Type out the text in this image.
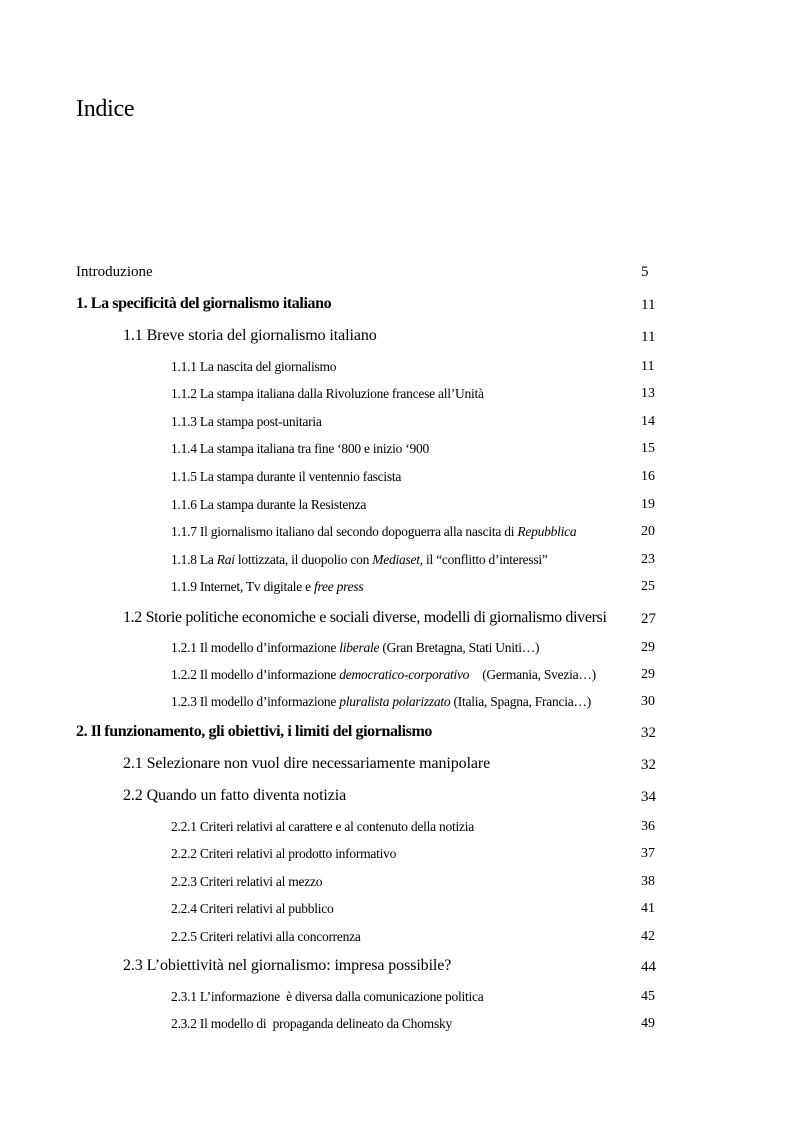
Indice
Introduzione	5
1. La specificità del giornalismo italiano	11
1.1 Breve storia del giornalismo italiano	11
1.1.1 La nascita del giornalismo	11
1.1.2 La stampa italiana dalla Rivoluzione francese all’Unità	13
1.1.3 La stampa post-unitaria	14
1.1.4 La stampa italiana tra fine ‘800 e inizio ‘900	15
1.1.5 La stampa durante il ventennio fascista	16
1.1.6 La stampa durante la Resistenza	19
1.1.7 Il giornalismo italiano dal secondo dopoguerra alla nascita di Repubblica	20
1.1.8 La Rai lottizzata, il duopolio con Mediaset, il “conflitto d’interessi”	23
1.1.9 Internet, Tv digitale e free press	25
1.2 Storie politiche economiche e sociali diverse, modelli di giornalismo diversi 27
1.2.1 Il modello d’informazione liberale (Gran Bretagna, Stati Uniti…)	29
1.2.2 Il modello d’informazione democratico-corporativo (Germania, Svezia…)	29
1.2.3 Il modello d’informazione pluralista polarizzato (Italia, Spagna, Francia…)	30
2. Il funzionamento, gli obiettivi, i limiti del giornalismo	32
2.1 Selezionare non vuol dire necessariamente manipolare	32
2.2 Quando un fatto diventa notizia	34
2.2.1 Criteri relativi al carattere e al contenuto della notizia	36
2.2.2 Criteri relativi al prodotto informativo	37
2.2.3 Criteri relativi al mezzo	38
2.2.4 Criteri relativi al pubblico	41
2.2.5 Criteri relativi alla concorrenza	42
2.3 L’obiettività nel giornalismo: impresa possibile?	44
2.3.1 L’informazione  è diversa dalla comunicazione politica	45
2.3.2 Il modello di  propaganda delineato da Chomsky	49
